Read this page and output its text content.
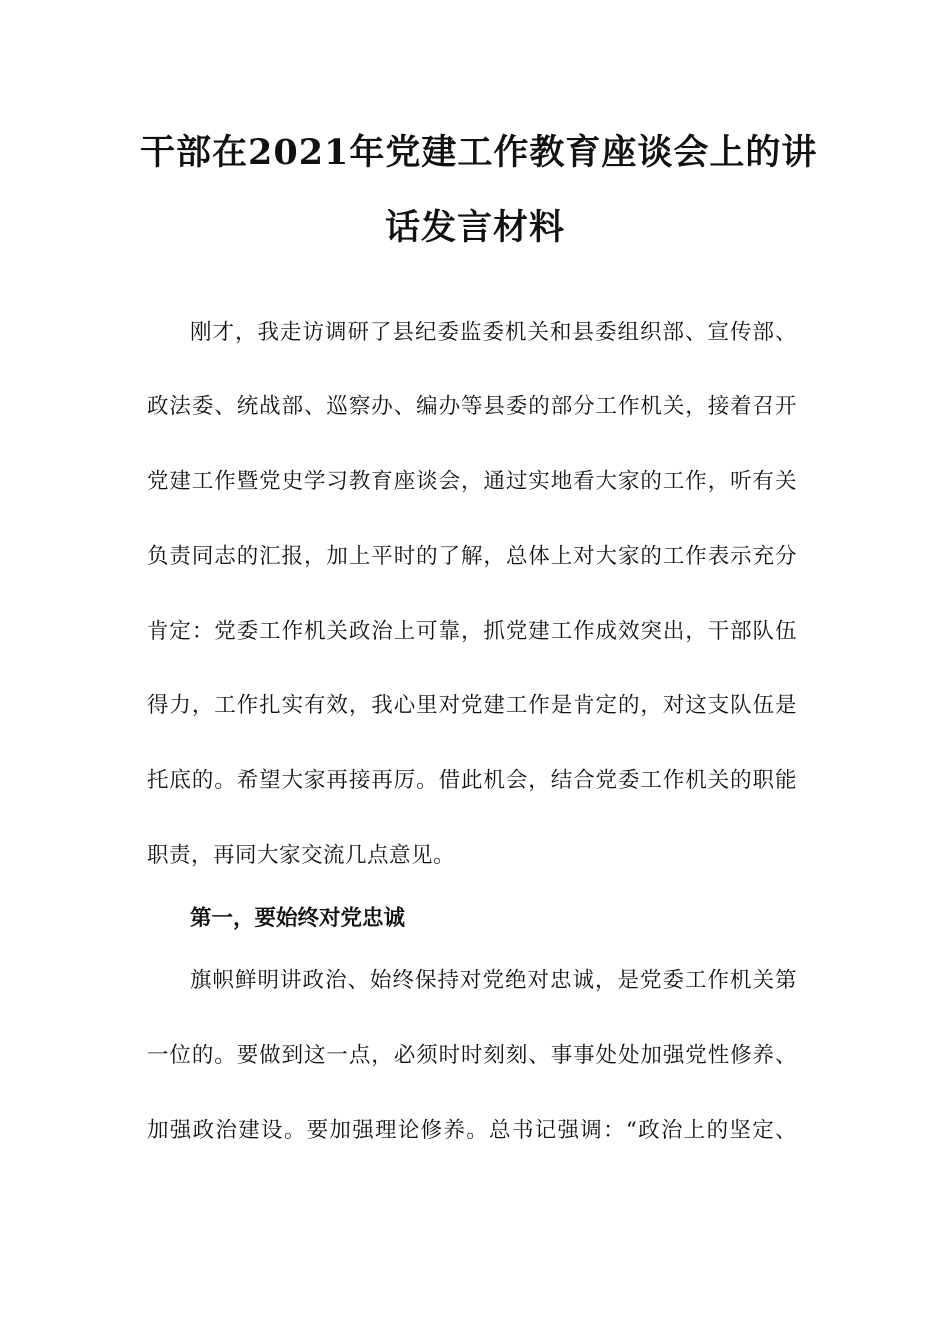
干部在2021年党建工作教育座谈会上的讲
话发言材料
刚才，我走访调研了县纪委监委机关和县委组织部、宣传部、
政法委、统战部、巡察办、编办等县委的部分工作机关，接着召开
党建工作暨党史学习教育座谈会，通过实地看大家的工作，听有关
负责同志的汇报，加上平时的了解，总体上对大家的工作表示充分
肯定：党委工作机关政治上可靠，抓党建工作成效突出，干部队伍
得力，工作扎实有效，我心里对党建工作是肯定的，对这支队伍是
托底的。希望大家再接再厉。借此机会，结合党委工作机关的职能
职责，再同大家交流几点意见。
第一，要始终对党忠诚
旗帜鲜明讲政治、始终保持对党绝对忠诚，是党委工作机关第
一位的。要做到这一点，必须时时刻刻、事事处处加强党性修养、
加强政治建设。要加强理论修养。总书记强调：“政治上的坚定、
